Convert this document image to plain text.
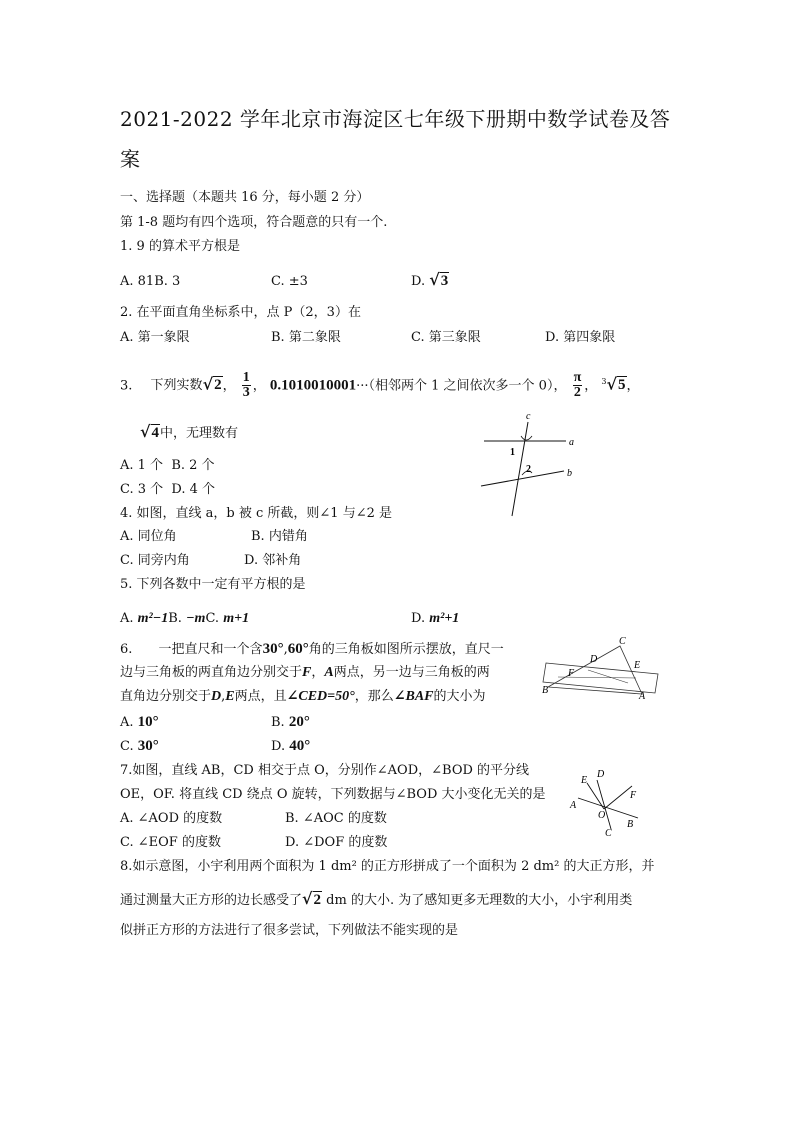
2021-2022 学年北京市海淀区七年级下册期中数学试卷及答
案
一、选择题（本题共 16 分，每小题 2 分）
第 1-8 题均有四个选项，符合题意的只有一个.
1. 9 的算术平方根是
A. 81B. 3	C. ±3	D. √3
2. 在平面直角坐标系中，点 P（2，3）在
A. 第一象限	B. 第二象限	C. 第三象限	D. 第四象限
3. 下列实数√2， $\frac{1}{3}$ ， 0.1010010001···（相邻两个 1 之间依次多一个 0）， $\frac{\pi}{2}$ ， $^3$√5，
√4中，无理数有
A. 1 个 B. 2 个
C. 3 个 D. 4 个
c
a
b
1
2
4. 如图，直线 a，b 被 c 所截，则∠1 与∠2 是
A. 同位角	B. 内错角
C. 同旁内角	D. 邻补角
5. 下列各数中一定有平方根的是
A. m²−1B. −mC. m+1	D. m²+1
6. 一把直尺和一个含30°,60°角的三角板如图所示摆放，直尺一
边与三角板的两直角边分别交于F，A两点，另一边与三角板的两
直角边分别交于D,E两点，且∠CED=50°，那么∠BAF的大小为
A. 10°	B. 20°
C. 30°	D. 40°
C
D
E
F
B
A
7.如图，直线 AB，CD 相交于点 O，分别作∠AOD，∠BOD 的平分线
OE，OF. 将直线 CD 绕点 O 旋转，下列数据与∠BOD 大小变化无关的是
A. ∠AOD 的度数	B. ∠AOC 的度数
C. ∠EOF 的度数	D. ∠DOF 的度数
E
D
F
A
O
B
C
8.如示意图，小宇利用两个面积为 1 dm² 的正方形拼成了一个面积为 2 dm² 的大正方形，并
通过测量大正方形的边长感受了√2 dm 的大小. 为了感知更多无理数的大小，小宇利用类
似拼正方形的方法进行了很多尝试，下列做法不能实现的是
